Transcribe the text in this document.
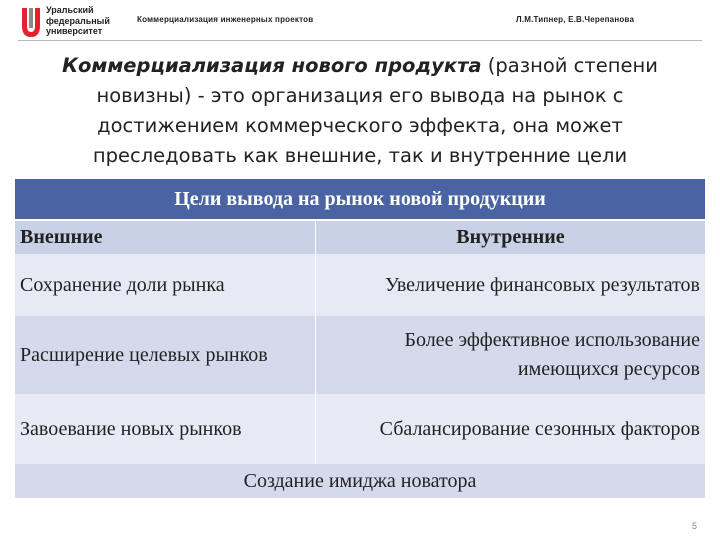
Уральский
федеральный
университет
Коммерциализация инженерных проектов	Л.М.Типнер, Е.В.Черепанова
Коммерциализация нового продукта (разной степени новизны) - это организация его вывода на рынок с достижением коммерческого эффекта, она может преследовать как внешние, так и внутренние цели
Цели вывода на рынок новой продукции	
Внешние	Внутренние
Сохранение доли рынка	Увеличение финансовых результатов
Расширение целевых рынков	Более эффективное использование имеющихся ресурсов
Завоевание новых рынков	Сбалансирование сезонных факторов
Создание имиджа новатора	
5
